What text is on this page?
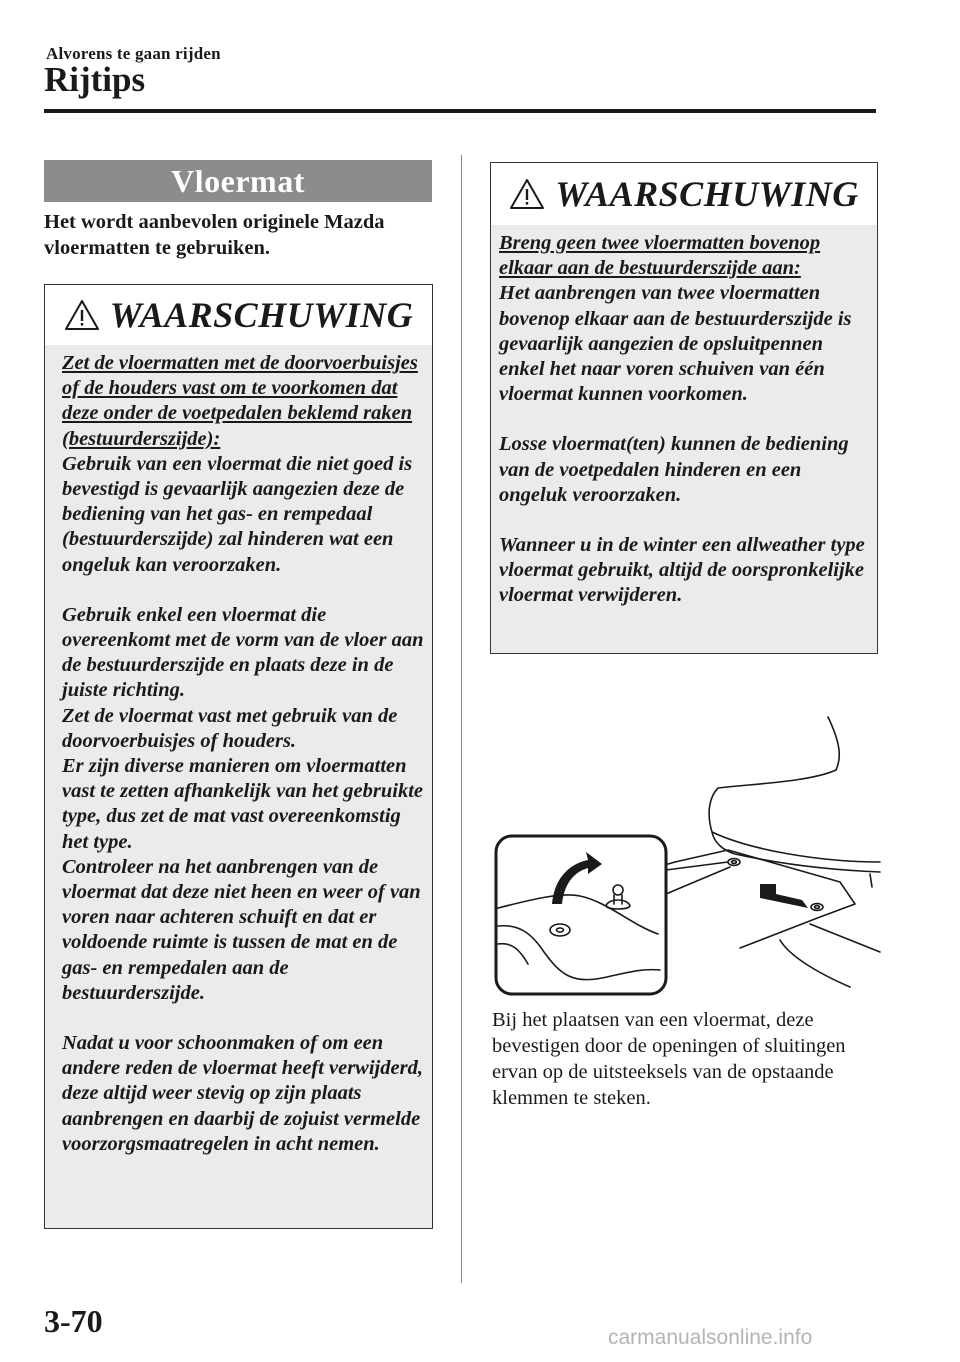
Alvorens te gaan rijden
Rijtips
Vloermat
Het wordt aanbevolen originele Mazda vloermatten te gebruiken.
WAARSCHUWING

Zet de vloermatten met de doorvoerbuisjes of de houders vast om te voorkomen dat deze onder de voetpedalen beklemd raken (bestuurderszijde):

Gebruik van een vloermat die niet goed is bevestigd is gevaarlijk aangezien deze de bediening van het gas- en rempedaal (bestuurderszijde) zal hinderen wat een ongeluk kan veroorzaken.

Gebruik enkel een vloermat die overeenkomt met de vorm van de vloer aan de bestuurderszijde en plaats deze in de juiste richting.

Zet de vloermat vast met gebruik van de doorvoerbuisjes of houders.

Er zijn diverse manieren om vloermatten vast te zetten afhankelijk van het gebruikte type, dus zet de mat vast overeenkomstig het type.

Controleer na het aanbrengen van de vloermat dat deze niet heen en weer of van voren naar achteren schuift en dat er voldoende ruimte is tussen de mat en de gas- en rempedalen aan de bestuurderszijde.

Nadat u voor schoonmaken of om een andere reden de vloermat heeft verwijderd, deze altijd weer stevig op zijn plaats aanbrengen en daarbij de zojuist vermelde voorzorgsmaatregelen in acht nemen.

WAARSCHUWING

Breng geen twee vloermatten bovenop elkaar aan de bestuurderszijde aan:

Het aanbrengen van twee vloermatten bovenop elkaar aan de bestuurderszijde is gevaarlijk aangezien de opsluitpennen enkel het naar voren schuiven van één vloermat kunnen voorkomen.

Losse vloermat(ten) kunnen de bediening van de voetpedalen hinderen en een ongeluk veroorzaken.

Wanneer u in de winter een allweather type vloermat gebruikt, altijd de oorspronkelijke vloermat verwijderen.

Bij het plaatsen van een vloermat, deze bevestigen door de openingen of sluitingen ervan op de uitsteeksels van de opstaande klemmen te steken.
3-70	carmanualsonline.info
